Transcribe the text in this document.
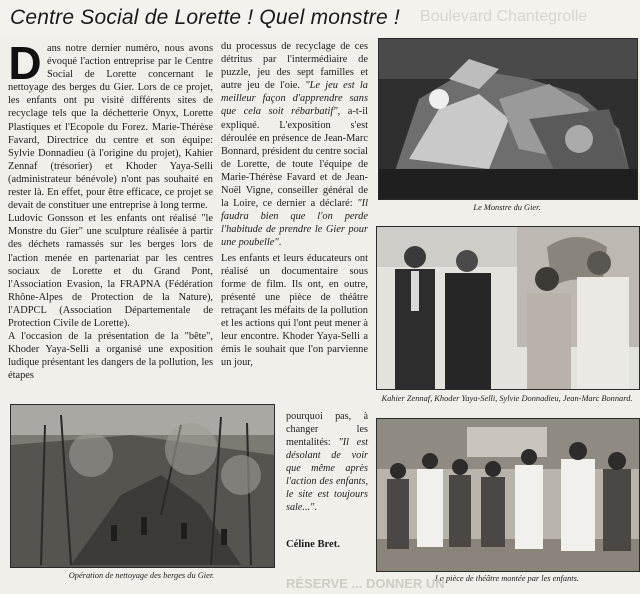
Centre Social de Lorette ! Quel monstre ! Boulevard Chantegrolle
D ans notre dernier numéro, nous avons évoqué l'action entreprise par le Centre Social de Lorette concernant le nettoyage des berges du Gier. Lors de ce projet, les enfants ont pu visité différents sites de recyclage tels que la déchetterie Onyx, Lorette Plastiques et l'Ecopole du Forez. Marie-Thérèse Favard, Directrice du centre et son équipe: Sylvie Donnadieu (à l'origine du projet), Kahier Zennaf (trésorier) et Khoder Yaya-Selli (administrateur bénévole) n'ont pas souhaité en rester là. En effet, pour être efficace, ce projet se devait de constituer une entreprise à long terme.

Ludovic Gonsson et les enfants ont réalisé "le Monstre du Gier" une sculpture réalisée à partir des déchets ramassés sur les berges lors de l'action menée en partenariat par les centres sociaux de Lorette et du Grand Pont, l'Association Evasion, la FRAPNA (Fédération Rhône-Alpes de Protection de la Nature), l'ADPCL (Association Départementale de Protection Civile de Lorette).

A l'occasion de la présentation de la "bête", Khoder Yaya-Selli a organisé une exposition ludique présentant les dangers de la pollution, les étapes

du processus de recyclage de ces détritus par l'intermédiaire de puzzle, jeu des sept familles et autre jeu de l'oie. "Le jeu est la meilleur façon d'apprendre sans que cela soit rébarbatif", a-t-il expliqué. L'exposition s'est déroulée en présence de Jean-Marc Bonnard, président du centre social de Lorette, de toute l'équipe de Marie-Thérèse Favard et de Jean-Noël Vigne, conseiller général de la Loire, ce dernier a déclaré: "Il faudra bien que l'on perde l'habitude de prendre le Gier pour une poubelle".

Les enfants et leurs éducateurs ont réalisé un documentaire sous forme de film. Ils ont, en outre, présenté une pièce de théâtre retraçant les méfaits de la pollution et les actions qui l'ont peut mener à leur encontre. Khoder Yaya-Selli a émis le souhait que l'on parvienne un jour,

pourquoi pas, à changer les mentalités: "Il est désolant de voir que même après l'action des enfants, le site est toujours sale...".

Céline Bret.
Le Monstre du Gier.
Kahier Zennaf, Khoder Yaya-Selli, Sylvie Donnadieu, Jean-Marc Bonnard.
La pièce de théâtre montée par les enfants.
Opération de nettoyage des berges du Gier.
RÉSERVE ... DONNER UN
